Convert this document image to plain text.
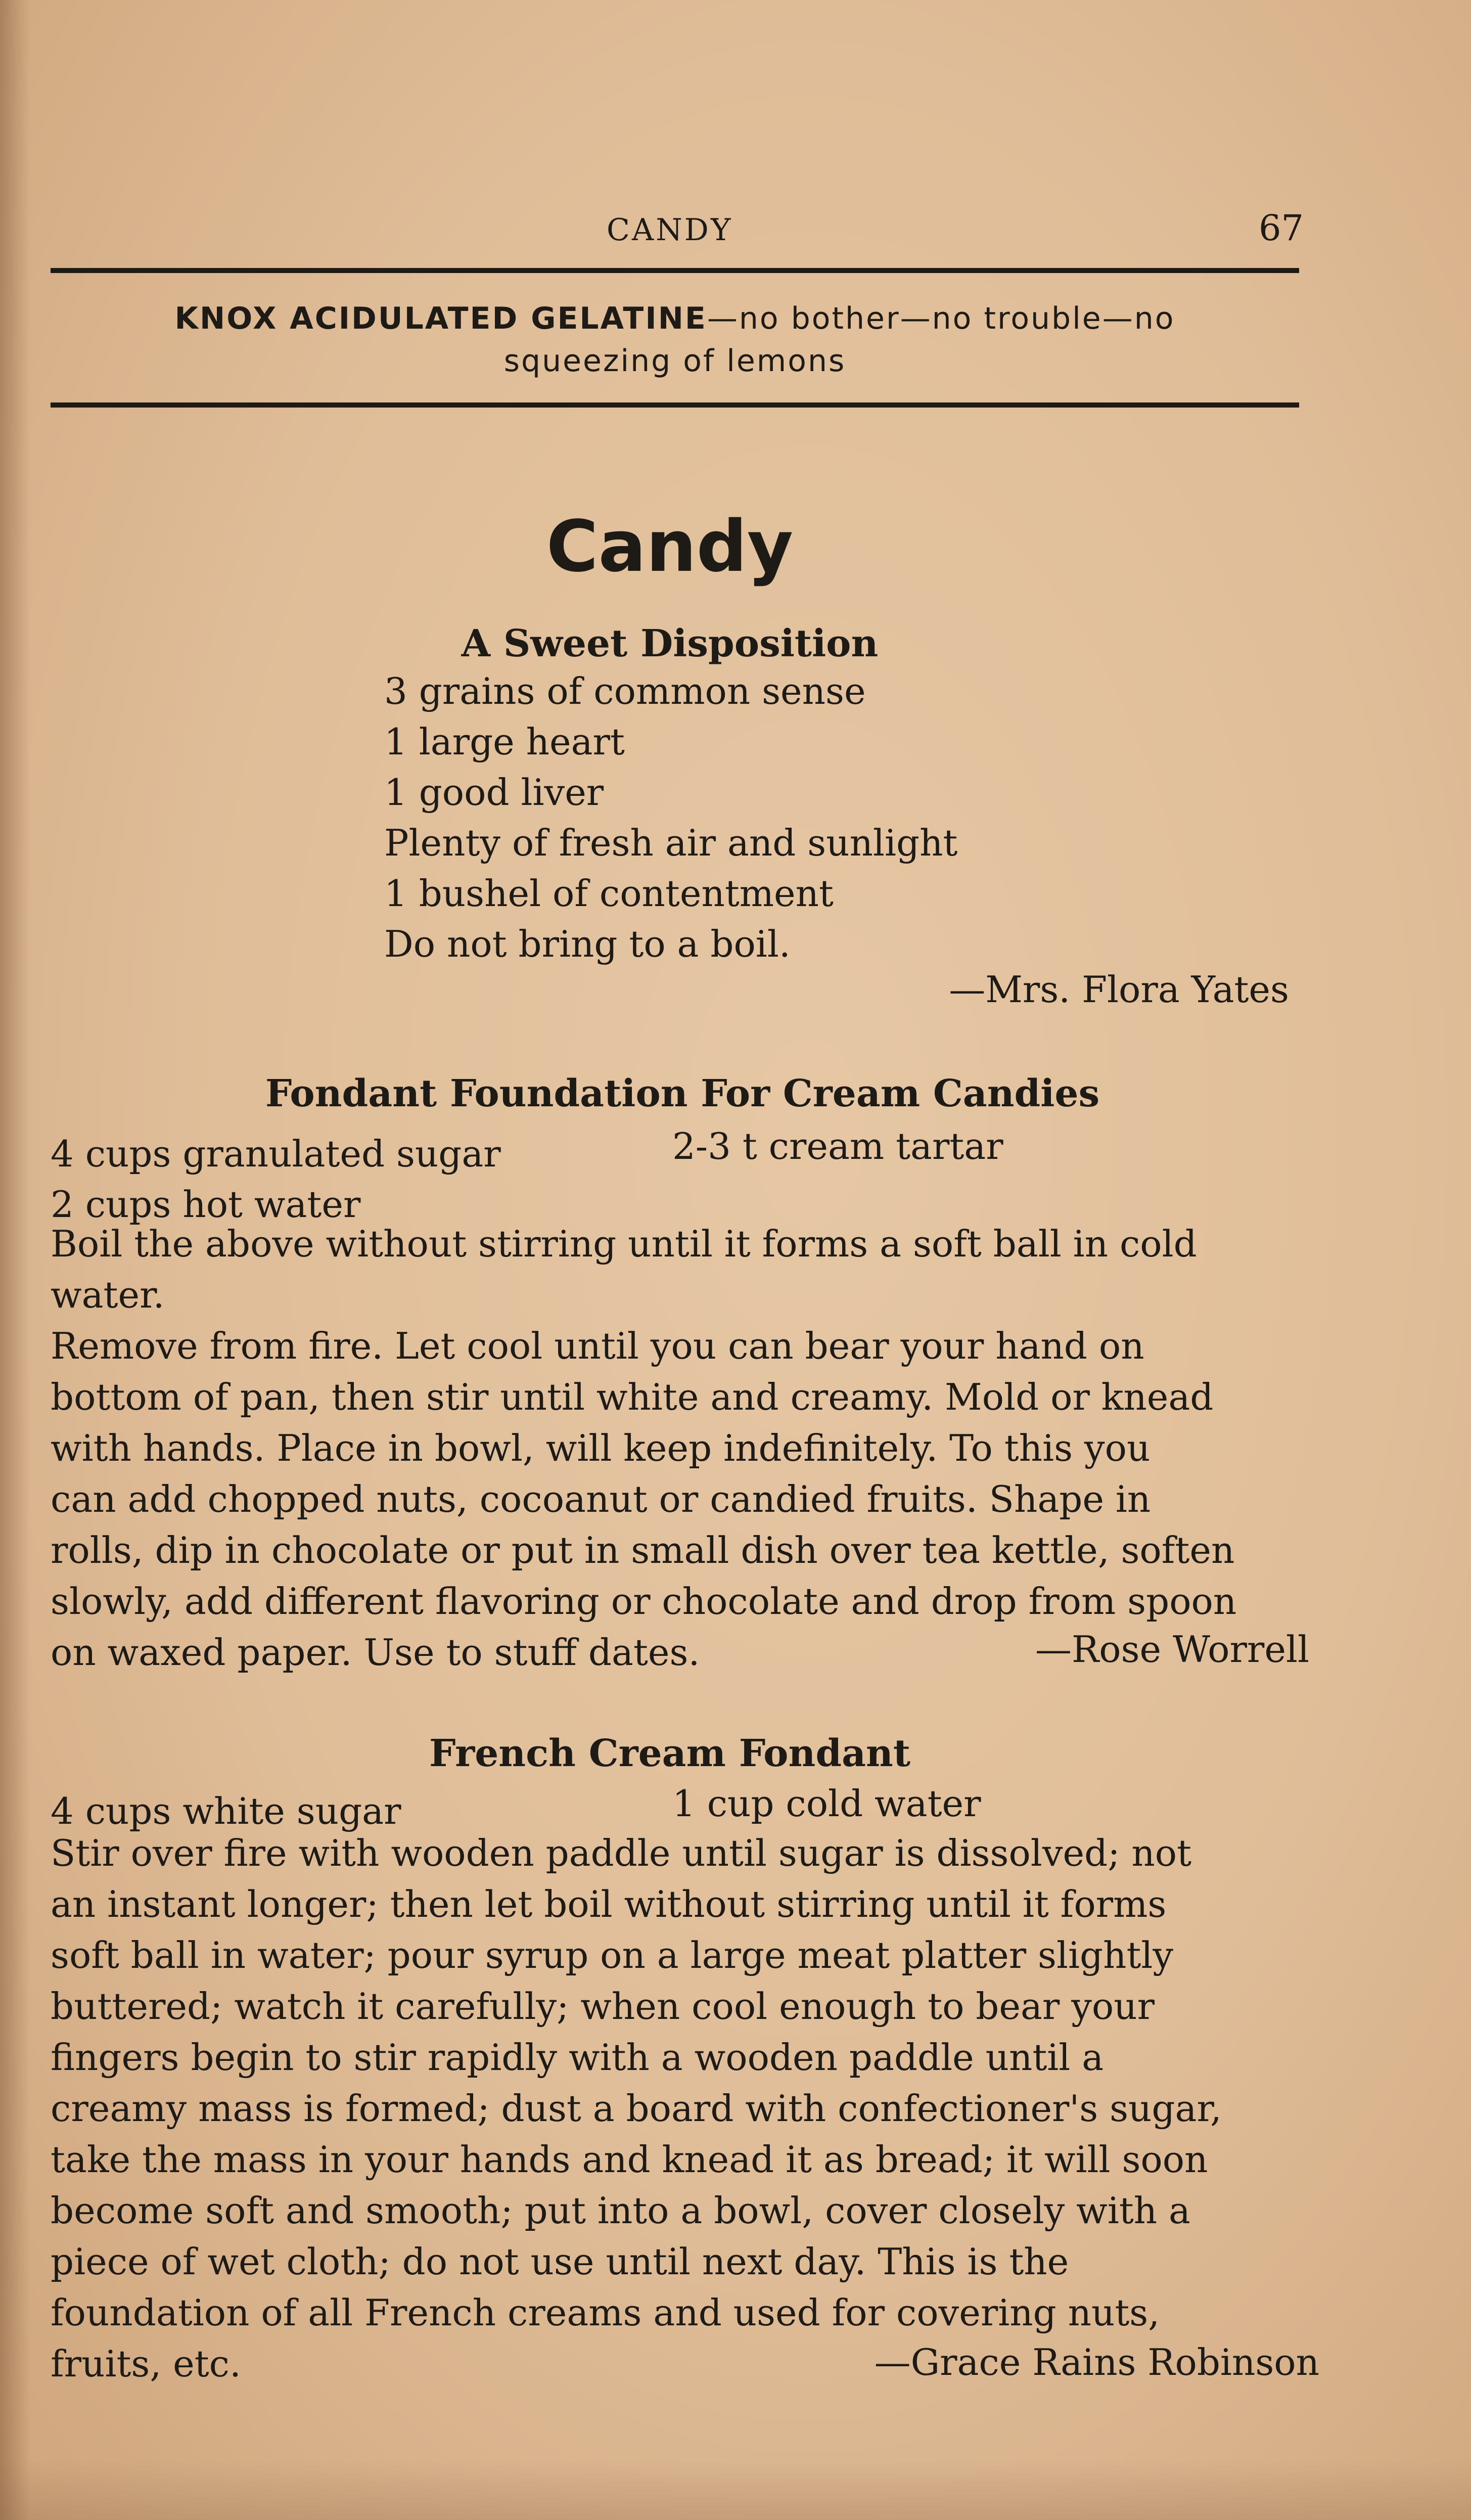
CANDY	67
KNOX ACIDULATED GELATINE—no bother—no trouble—no
squeezing of lemons
Candy
A Sweet Disposition
3 grains of common sense
1 large heart
1 good liver
Plenty of fresh air and sunlight
1 bushel of contentment
Do not bring to a boil.
—Mrs. Flora Yates
Fondant Foundation For Cream Candies
4 cups granulated sugar	2-3 t cream tartar
2 cups hot water
Boil the above without stirring until it forms a soft ball in cold
water.
Remove from fire. Let cool until you can bear your hand on
bottom of pan, then stir until white and creamy. Mold or knead
with hands. Place in bowl, will keep indefinitely. To this you
can add chopped nuts, cocoanut or candied fruits. Shape in
rolls, dip in chocolate or put in small dish over tea kettle, soften
slowly, add different flavoring or chocolate and drop from spoon
on waxed paper. Use to stuff dates.	—Rose Worrell
French Cream Fondant
4 cups white sugar	1 cup cold water
Stir over fire with wooden paddle until sugar is dissolved; not
an instant longer; then let boil without stirring until it forms
soft ball in water; pour syrup on a large meat platter slightly
buttered; watch it carefully; when cool enough to bear your
fingers begin to stir rapidly with a wooden paddle until a
creamy mass is formed; dust a board with confectioner's sugar,
take the mass in your hands and knead it as bread; it will soon
become soft and smooth; put into a bowl, cover closely with a
piece of wet cloth; do not use until next day. This is the
foundation of all French creams and used for covering nuts,
fruits, etc.	—Grace Rains Robinson
